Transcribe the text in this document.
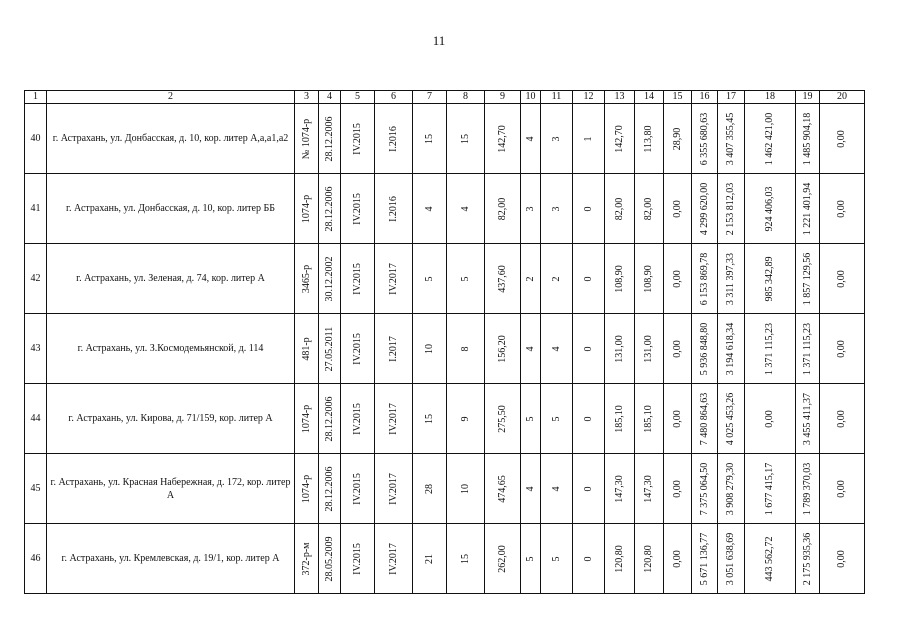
11
1	2	3	4	5	6	7	8	9	10	11	12	13	14	15	16	17	18	19	20
40	г. Астрахань, ул. Донбасская, д. 10, кор. литер А,а,а1,а2	№ 1074-р	28.12.2006	IV.2015	I.2016	15	15	142,70	4	3	1	142,70	113,80	28,90	6 355 680,63	3 407 355,45	1 462 421,00	1 485 904,18	0,00

41	г. Астрахань, ул. Донбасская, д. 10, кор. литер ББ	1074-р	28.12.2006	IV.2015	I.2016	4	4	82,00	3	3	0	82,00	82,00	0,00	4 299 620,00	2 153 812,03	924 406,03	1 221 401,94	0,00

42	г. Астрахань, ул. Зеленая, д. 74, кор. литер А	3465-р	30.12.2002	IV.2015	IV.2017	5	5	437,60	2	2	0	108,90	108,90	0,00	6 153 869,78	3 311 397,33	985 342,89	1 857 129,56	0,00

43	г. Астрахань, ул. З.Космодемьянской, д. 114	481-р	27.05.2011	IV.2015	I.2017	10	8	156,20	4	4	0	131,00	131,00	0,00	5 936 848,80	3 194 618,34	1 371 115,23	1 371 115,23	0,00

44	г. Астрахань, ул. Кирова, д. 71/159, кор. литер А	1074-р	28.12.2006	IV.2015	IV.2017	15	9	275,50	5	5	0	185,10	185,10	0,00	7 480 864,63	4 025 453,26	0,00	3 455 411,37	0,00

45	г. Астрахань, ул. Красная Набережная, д. 172, кор. литер А	1074-р	28.12.2006	IV.2015	IV.2017	28	10	474,65	4	4	0	147,30	147,30	0,00	7 375 064,50	3 908 279,30	1 677 415,17	1 789 370,03	0,00

46	г. Астрахань, ул. Кремлевская, д. 19/1, кор. литер А	372-р-м	28.05.2009	IV.2015	IV.2017	21	15	262,00	5	5	0	120,80	120,80	0,00	5 671 136,77	3 051 638,69	443 562,72	2 175 935,36	0,00
